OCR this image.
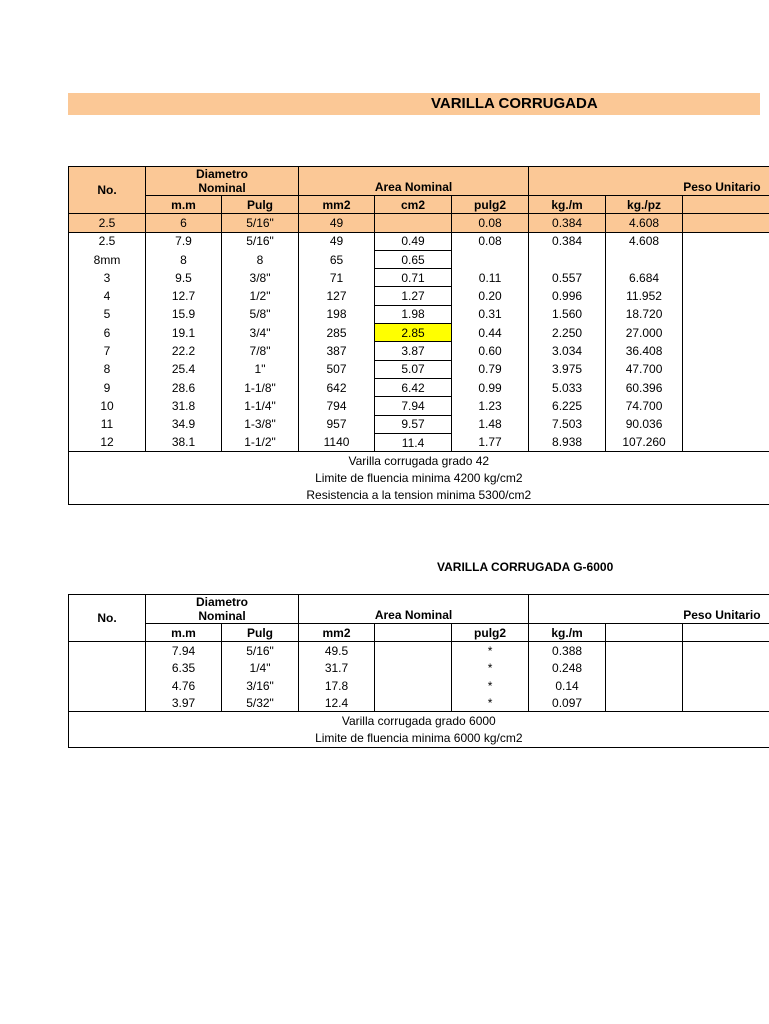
VARILLA CORRUGADA
No.	Diametro
Nominal		Area Nominal			Peso Unitario		
	m.m	Pulg	mm2	cm2	pulg2	kg./m	kg./pz	
2.5	6	5/16"	49		0.08	0.384	4.608	
2.5	7.9	5/16"	49	0.49	0.08	0.384	4.608	
8mm	8	8	65	0.65				
3	9.5	3/8"	71	0.71	0.11	0.557	6.684	
4	12.7	1/2"	127	1.27	0.20	0.996	11.952	
5	15.9	5/8"	198	1.98	0.31	1.560	18.720	
6	19.1	3/4"	285	2.85	0.44	2.250	27.000	
7	22.2	7/8"	387	3.87	0.60	3.034	36.408	
8	25.4	1"	507	5.07	0.79	3.975	47.700	
9	28.6	1-1/8"	642	6.42	0.99	5.033	60.396	
10	31.8	1-1/4"	794	7.94	1.23	6.225	74.700	
11	34.9	1-3/8"	957	9.57	1.48	7.503	90.036	
12	38.1	1-1/2"	1140	11.4	1.77	8.938	107.260	
Varilla corrugada grado 42								
Limite de fluencia minima 4200 kg/cm2								
Resistencia a la tension minima 5300/cm2								
VARILLA CORRUGADA G-6000
No.	Diametro
Nominal		Area Nominal			Peso Unitario		
	m.m	Pulg	mm2		pulg2	kg./m		
	7.94	5/16"	49.5		*	0.388		
	6.35	1/4"	31.7		*	0.248		
	4.76	3/16"	17.8		*	0.14		
	3.97	5/32"	12.4		*	0.097		
Varilla corrugada grado 6000								
Limite de fluencia minima 6000 kg/cm2								
